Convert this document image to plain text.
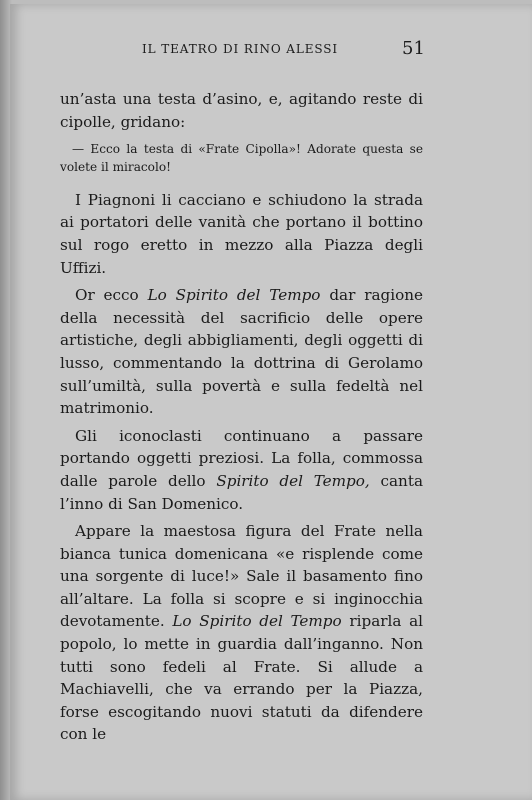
IL TEATRO DI RINO ALESSI	51

un’asta una testa d’asino, e, agitando reste di cipolle, gridano:

— Ecco la testa di «Frate Cipolla»! Adorate questa se volete il miracolo!

I Piagnoni li cacciano e schiudono la strada ai portatori delle vanità che portano il bottino sul rogo eretto in mezzo alla Piazza degli Uffizi.

Or ecco Lo Spirito del Tempo dar ragione della necessità del sacrificio delle opere artistiche, degli abbigliamenti, degli oggetti di lusso, commentando la dottrina di Gerolamo sull’umiltà, sulla povertà e sulla fedeltà nel matrimonio.

Gli iconoclasti continuano a passare portando oggetti preziosi. La folla, commossa dalle parole dello Spirito del Tempo, canta l’inno di San Domenico.

Appare la maestosa figura del Frate nella bianca tunica domenicana «e risplende come una sorgente di luce!» Sale il basamento fino all’altare. La folla si scopre e si inginocchia devotamente. Lo Spirito del Tempo riparla al popolo, lo mette in guardia dall’inganno. Non tutti sono fedeli al Frate. Si allude a Machiavelli, che va errando per la Piazza, forse escogitando nuovi statuti da difendere con le
